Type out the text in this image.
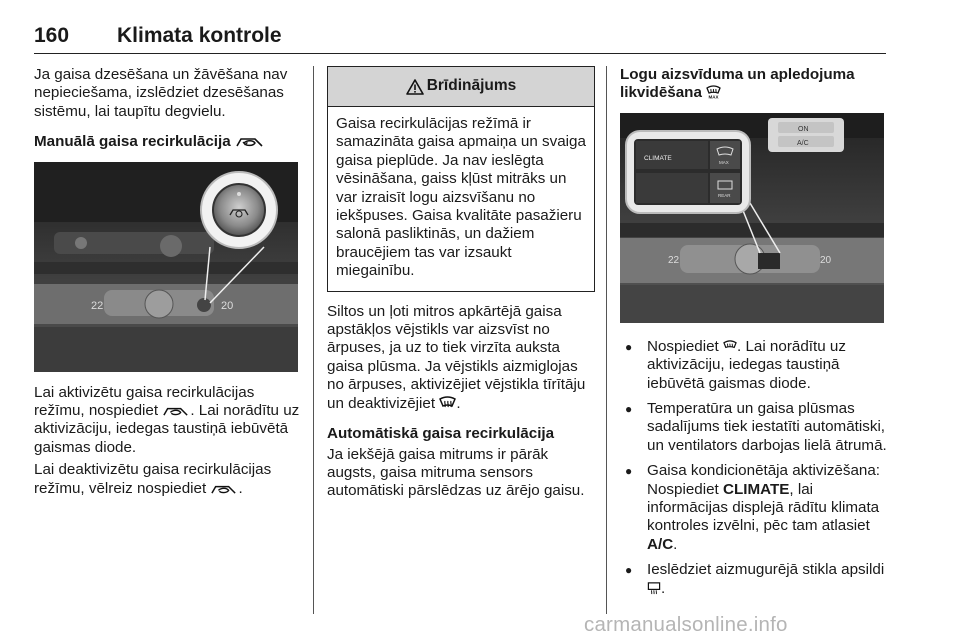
160 Klimata kontrole

Ja gaisa dzesēšana un žāvēšana nav nepieciešama, izslēdziet dzesēšanas sistēmu, lai taupītu degvielu.

Manuālā gaisa recirkulācija

22	20

Lai aktivizētu gaisa recirkulācijas režīmu, nospiediet . Lai norādītu uz aktivizāciju, iedegas taustiņā iebūvētā gaismas diode.

Lai deaktivizētu gaisa recirkulācijas režīmu, vēlreiz nospiediet .

Brīdinājums
Gaisa recirkulācijas režīmā ir samazināta gaisa apmaiņa un svaiga gaisa pieplūde. Ja nav ieslēgta vēsināšana, gaiss kļūst mitrāks un var izraisīt logu aizsvīšanu no iekšpuses. Gaisa kvalitāte pasažieru salonā pasliktinās, un dažiem braucējiem tas var izsaukt miegainību.

Siltos un ļoti mitros apkārtējā gaisa apstākļos vējstikls var aizsvīst no ārpuses, ja uz to tiek virzīta auksta gaisa plūsma. Ja vējstikls aizmiglojas no ārpuses, aktivizējiet vējstikla tīrītāju un deaktivizējiet .

Automātiskā gaisa recirkulācija

Ja iekšējā gaisa mitrums ir pārāk augsts, gaisa mitruma sensors automātiski pārslēdzas uz ārējo gaisu.

Logu aizsvīduma un apledojuma likvidēšana MAX

22	20
ON
A/C
CLIMATE
MAX
REAR
● Nospiediet . Lai norādītu uz aktivizāciju, iedegas taustiņā iebūvētā gaismas diode.
● Temperatūra un gaisa plūsmas sadalījums tiek iestatīti automātiski, un ventilators darbojas lielā ātrumā.
● Gaisa kondicionētāja aktivizēšana: Nospiediet CLIMATE, lai informācijas displejā rādītu klimata kontroles izvēlni, pēc tam atlasiet A/C.
● Ieslēdziet aizmugurējā stikla apsildi .
carmanualsonline.info
